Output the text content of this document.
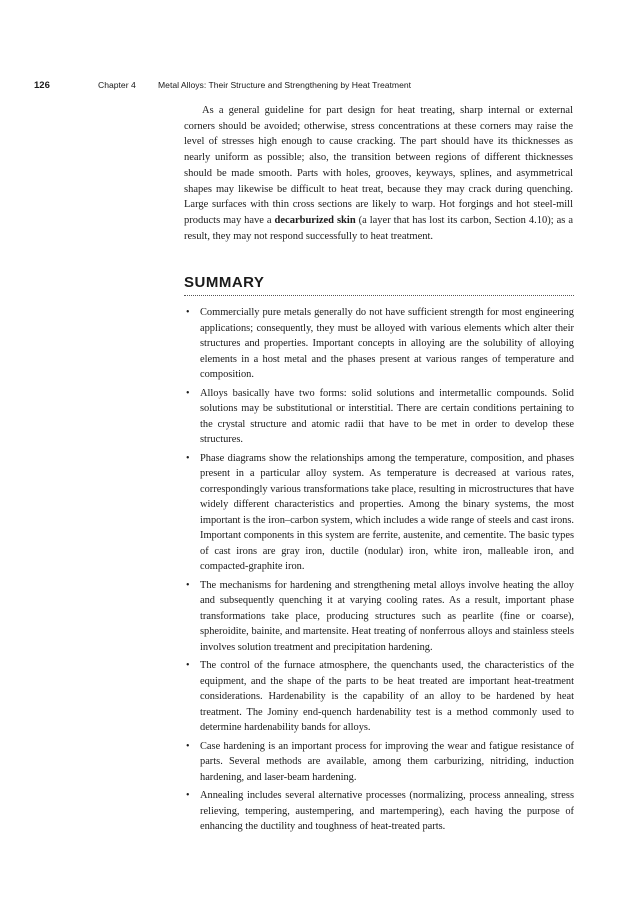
126	Chapter 4	Metal Alloys: Their Structure and Strengthening by Heat Treatment

As a general guideline for part design for heat treating, sharp internal or external corners should be avoided; otherwise, stress concentrations at these corners may raise the level of stresses high enough to cause cracking. The part should have its thicknesses as nearly uniform as possible; also, the transition between regions of different thicknesses should be made smooth. Parts with holes, grooves, keyways, splines, and asymmetrical shapes may likewise be difficult to heat treat, because they may crack during quenching. Large surfaces with thin cross sections are likely to warp. Hot forgings and hot steel-mill products may have a decarburized skin (a layer that has lost its carbon, Section 4.10); as a result, they may not respond successfully to heat treatment.

SUMMARY
• Commercially pure metals generally do not have sufficient strength for most engineering applications; consequently, they must be alloyed with various elements which alter their structures and properties. Important concepts in alloying are the solubility of alloying elements in a host metal and the phases present at various ranges of temperature and composition.
• Alloys basically have two forms: solid solutions and intermetallic compounds. Solid solutions may be substitutional or interstitial. There are certain conditions pertaining to the crystal structure and atomic radii that have to be met in order to develop these structures.
• Phase diagrams show the relationships among the temperature, composition, and phases present in a particular alloy system. As temperature is decreased at various rates, correspondingly various transformations take place, resulting in microstructures that have widely different characteristics and properties. Among the binary systems, the most important is the iron–carbon system, which includes a wide range of steels and cast irons. Important components in this system are ferrite, austenite, and cementite. The basic types of cast irons are gray iron, ductile (nodular) iron, white iron, malleable iron, and compacted-graphite iron.
• The mechanisms for hardening and strengthening metal alloys involve heating the alloy and subsequently quenching it at varying cooling rates. As a result, important phase transformations take place, producing structures such as pearlite (fine or coarse), spheroidite, bainite, and martensite. Heat treating of nonferrous alloys and stainless steels involves solution treatment and precipitation hardening.
• The control of the furnace atmosphere, the quenchants used, the characteristics of the equipment, and the shape of the parts to be heat treated are important heat-treatment considerations. Hardenability is the capability of an alloy to be hardened by heat treatment. The Jominy end-quench hardenability test is a method commonly used to determine hardenability bands for alloys.
• Case hardening is an important process for improving the wear and fatigue resistance of parts. Several methods are available, among them carburizing, nitriding, induction hardening, and laser-beam hardening.
• Annealing includes several alternative processes (normalizing, process annealing, stress relieving, tempering, austempering, and martempering), each having the purpose of enhancing the ductility and toughness of heat-treated parts.
